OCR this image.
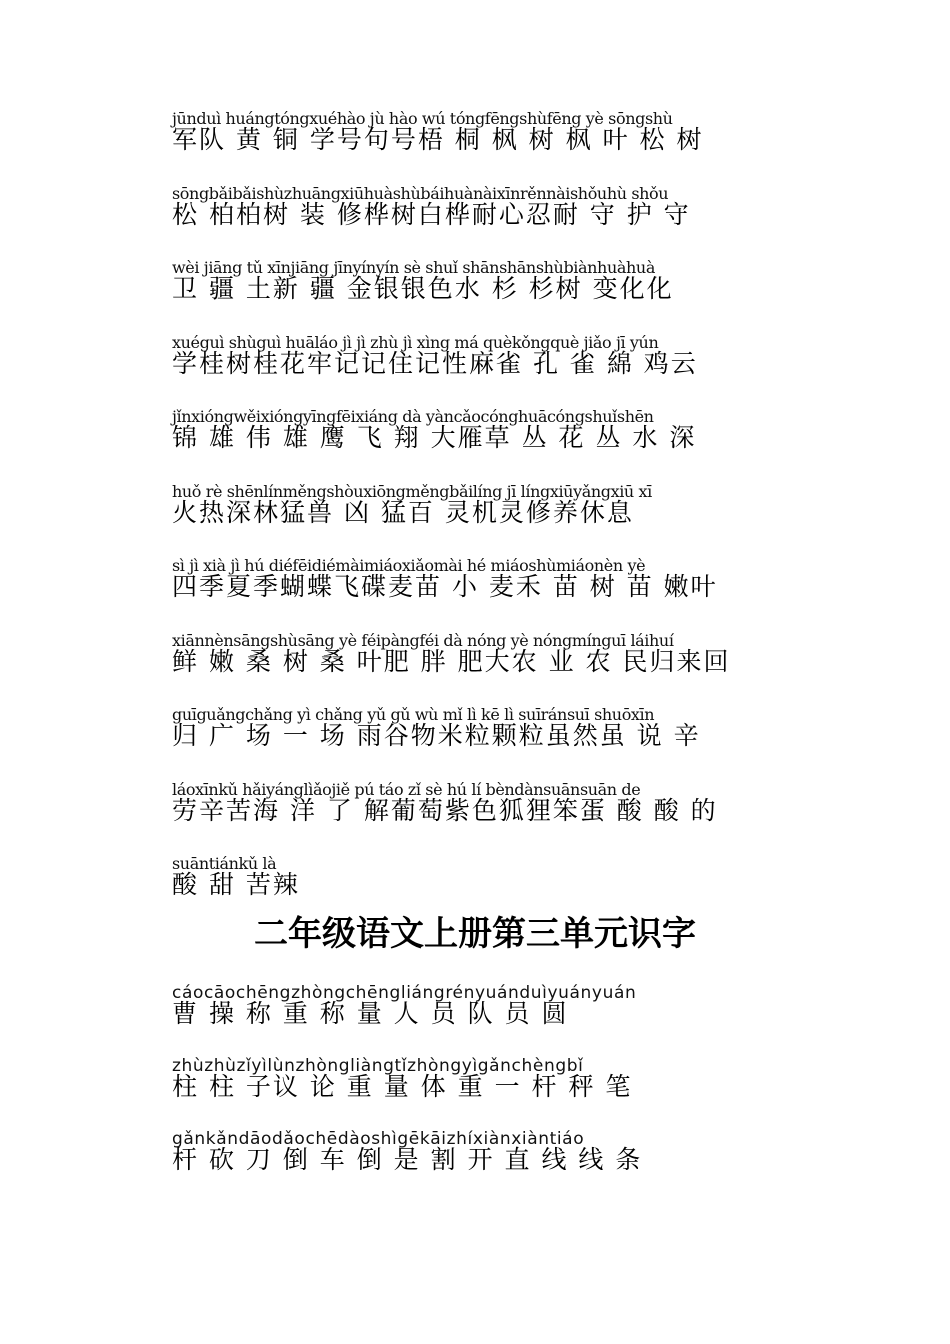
jūnduì huángtóngxuéhào jù hào wú tóngfēngshùfēng yè sōngshù
军队 黄 铜 学号句号梧 桐 枫 树 枫 叶 松 树
sōngbǎibǎishùzhuāngxiūhuàshùbáihuànàixīnrěnnàishǒuhù shǒu
松 柏柏树 装 修桦树白桦耐心忍耐 守 护 守
wèi jiāng tǔ xīnjiāng jīnyínyín sè shuǐ shānshānshùbiànhuàhuà
卫 疆 土新 疆 金银银色水 杉 杉树 变化化
xuéguì shùguì huāláo jì jì zhù jì xìng má quèkǒngquè jiǎo jī yún
学桂树桂花牢记记住记性麻雀 孔 雀 綿 鸡云
jǐnxióngwěixióngyīngfēixiáng dà yàncǎocónghuācóngshuǐshēn
锦 雄 伟 雄 鹰 飞 翔 大雁草 丛 花 丛 水 深
huǒ rè shēnlínměngshòuxiōngměngbǎilíng jī língxiūyǎngxiū xī
火热深林猛兽 凶 猛百 灵机灵修养休息
sì jì xià jì hú diéfēidiémàimiáoxiǎomài hé miáoshùmiáonèn yè
四季夏季蝴蝶飞碟麦苗 小 麦禾 苗 树 苗 嫩叶
xiānnènsāngshùsāng yè féipàngféi dà nóng yè nóngmínguī láihuí
鲜 嫩 桑 树 桑 叶肥 胖 肥大农 业 农 民归来回
guīguǎngchǎng yì chǎng yǔ gǔ wù mǐ lì kē lì suīránsuī shuōxīn
归 广 场 一 场 雨谷物米粒颗粒虽然虽 说 辛
láoxīnkǔ hǎiyánglìǎojiě pú táo zǐ sè hú lí bèndànsuānsuān de
劳辛苦海 洋 了 解葡萄紫色狐狸笨蛋 酸 酸 的
suāntiánkǔ là
酸 甜 苦辣
二年级语文上册第三单元识字
cáocāochēngzhòngchēngliángrényuánduìyuányuán
曹 操 称 重 称 量 人 员 队 员 圆
zhùzhùzǐyìlùnzhòngliàngtǐzhòngyìgǎnchèngbǐ
柱 柱 子议 论 重 量 体 重 一 杆 秤 笔
gǎnkǎndāodǎochēdàoshìgēkāizhíxiànxiàntiáo
杆 砍 刀 倒 车 倒 是 割 开 直 线 线 条
